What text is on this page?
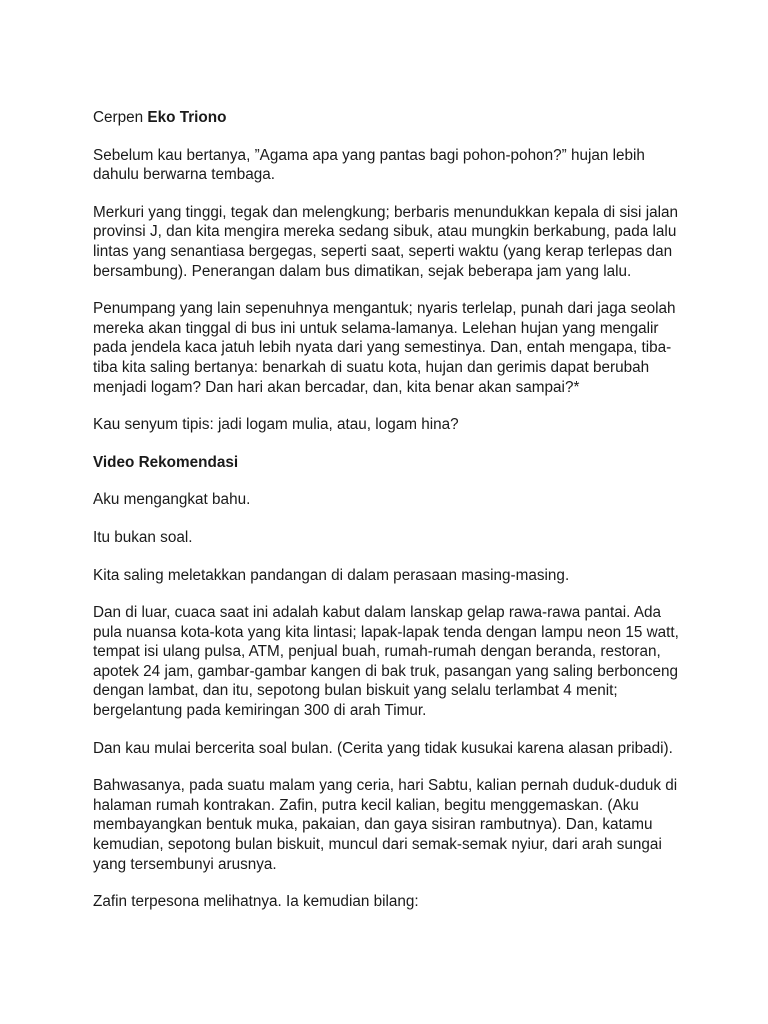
Cerpen Eko Triono

Sebelum kau bertanya, ”Agama apa yang pantas bagi pohon-pohon?” hujan lebih dahulu berwarna tembaga.

Merkuri yang tinggi, tegak dan melengkung; berbaris menundukkan kepala di sisi jalan provinsi J, dan kita mengira mereka sedang sibuk, atau mungkin berkabung, pada lalu lintas yang senantiasa bergegas, seperti saat, seperti waktu (yang kerap terlepas dan bersambung). Penerangan dalam bus dimatikan, sejak beberapa jam yang lalu.

Penumpang yang lain sepenuhnya mengantuk; nyaris terlelap, punah dari jaga seolah mereka akan tinggal di bus ini untuk selama-lamanya. Lelehan hujan yang mengalir pada jendela kaca jatuh lebih nyata dari yang semestinya. Dan, entah mengapa, tiba-tiba kita saling bertanya: benarkah di suatu kota, hujan dan gerimis dapat berubah menjadi logam? Dan hari akan bercadar, dan, kita benar akan sampai?*

Kau senyum tipis: jadi logam mulia, atau, logam hina?

Video Rekomendasi

Aku mengangkat bahu.

Itu bukan soal.

Kita saling meletakkan pandangan di dalam perasaan masing-masing.

Dan di luar, cuaca saat ini adalah kabut dalam lanskap gelap rawa-rawa pantai. Ada pula nuansa kota-kota yang kita lintasi; lapak-lapak tenda dengan lampu neon 15 watt, tempat isi ulang pulsa, ATM, penjual buah, rumah-rumah dengan beranda, restoran, apotek 24 jam, gambar-gambar kangen di bak truk, pasangan yang saling berbonceng dengan lambat, dan itu, sepotong bulan biskuit yang selalu terlambat 4 menit; bergelantung pada kemiringan 300 di arah Timur.

Dan kau mulai bercerita soal bulan. (Cerita yang tidak kusukai karena alasan pribadi).

Bahwasanya, pada suatu malam yang ceria, hari Sabtu, kalian pernah duduk-duduk di halaman rumah kontrakan. Zafin, putra kecil kalian, begitu menggemaskan. (Aku membayangkan bentuk muka, pakaian, dan gaya sisiran rambutnya). Dan, katamu kemudian, sepotong bulan biskuit, muncul dari semak-semak nyiur, dari arah sungai yang tersembunyi arusnya.

Zafin terpesona melihatnya. Ia kemudian bilang:
